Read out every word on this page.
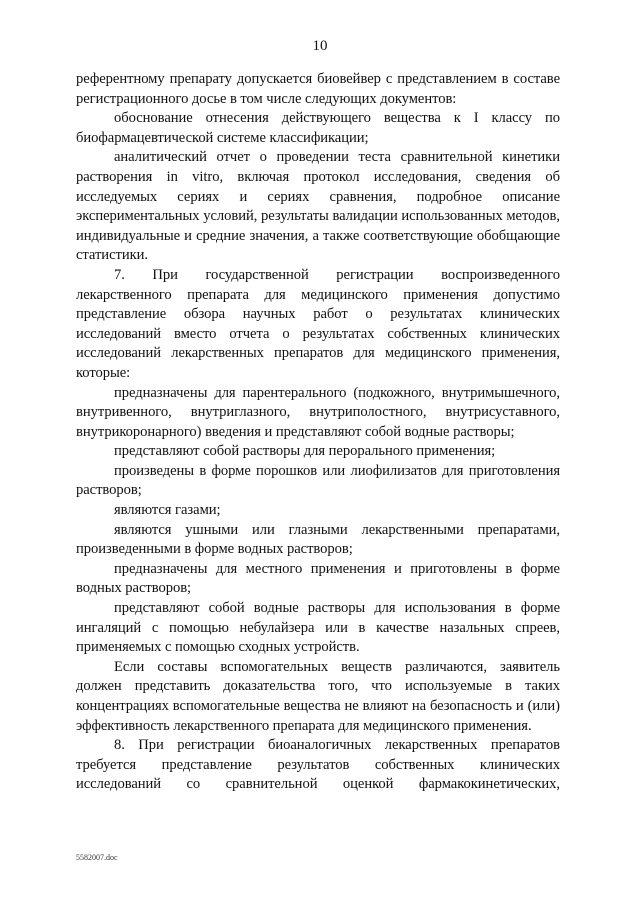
10

референтному препарату допускается биовейвер с представлением в составе регистрационного досье в том числе следующих документов:

обоснование отнесения действующего вещества к I классу по биофармацевтической системе классификации;

аналитический отчет о проведении теста сравнительной кинетики растворения in vitro, включая протокол исследования, сведения об исследуемых сериях и сериях сравнения, подробное описание экспериментальных условий, результаты валидации использованных методов, индивидуальные и средние значения, а также соответствующие обобщающие статистики.

7. При государственной регистрации воспроизведенного лекарственного препарата для медицинского применения допустимо представление обзора научных работ о результатах клинических исследований вместо отчета о результатах собственных клинических исследований лекарственных препаратов для медицинского применения, которые:

предназначены для парентерального (подкожного, внутримышечного, внутривенного, внутриглазного, внутриполостного, внутрисуставного, внутрикоронарного) введения и представляют собой водные растворы;

представляют собой растворы для перорального применения;

произведены в форме порошков или лиофилизатов для приготовления растворов;

являются газами;

являются ушными или глазными лекарственными препаратами, произведенными в форме водных растворов;

предназначены для местного применения и приготовлены в форме водных растворов;

представляют собой водные растворы для использования в форме ингаляций с помощью небулайзера или в качестве назальных спреев, применяемых с помощью сходных устройств.

Если составы вспомогательных веществ различаются, заявитель должен представить доказательства того, что используемые в таких концентрациях вспомогательные вещества не влияют на безопасность и (или) эффективность лекарственного препарата для медицинского применения.

8. При регистрации биоаналогичных лекарственных препаратов требуется представление результатов собственных клинических исследований со сравнительной оценкой фармакокинетических,

5582007.doc
